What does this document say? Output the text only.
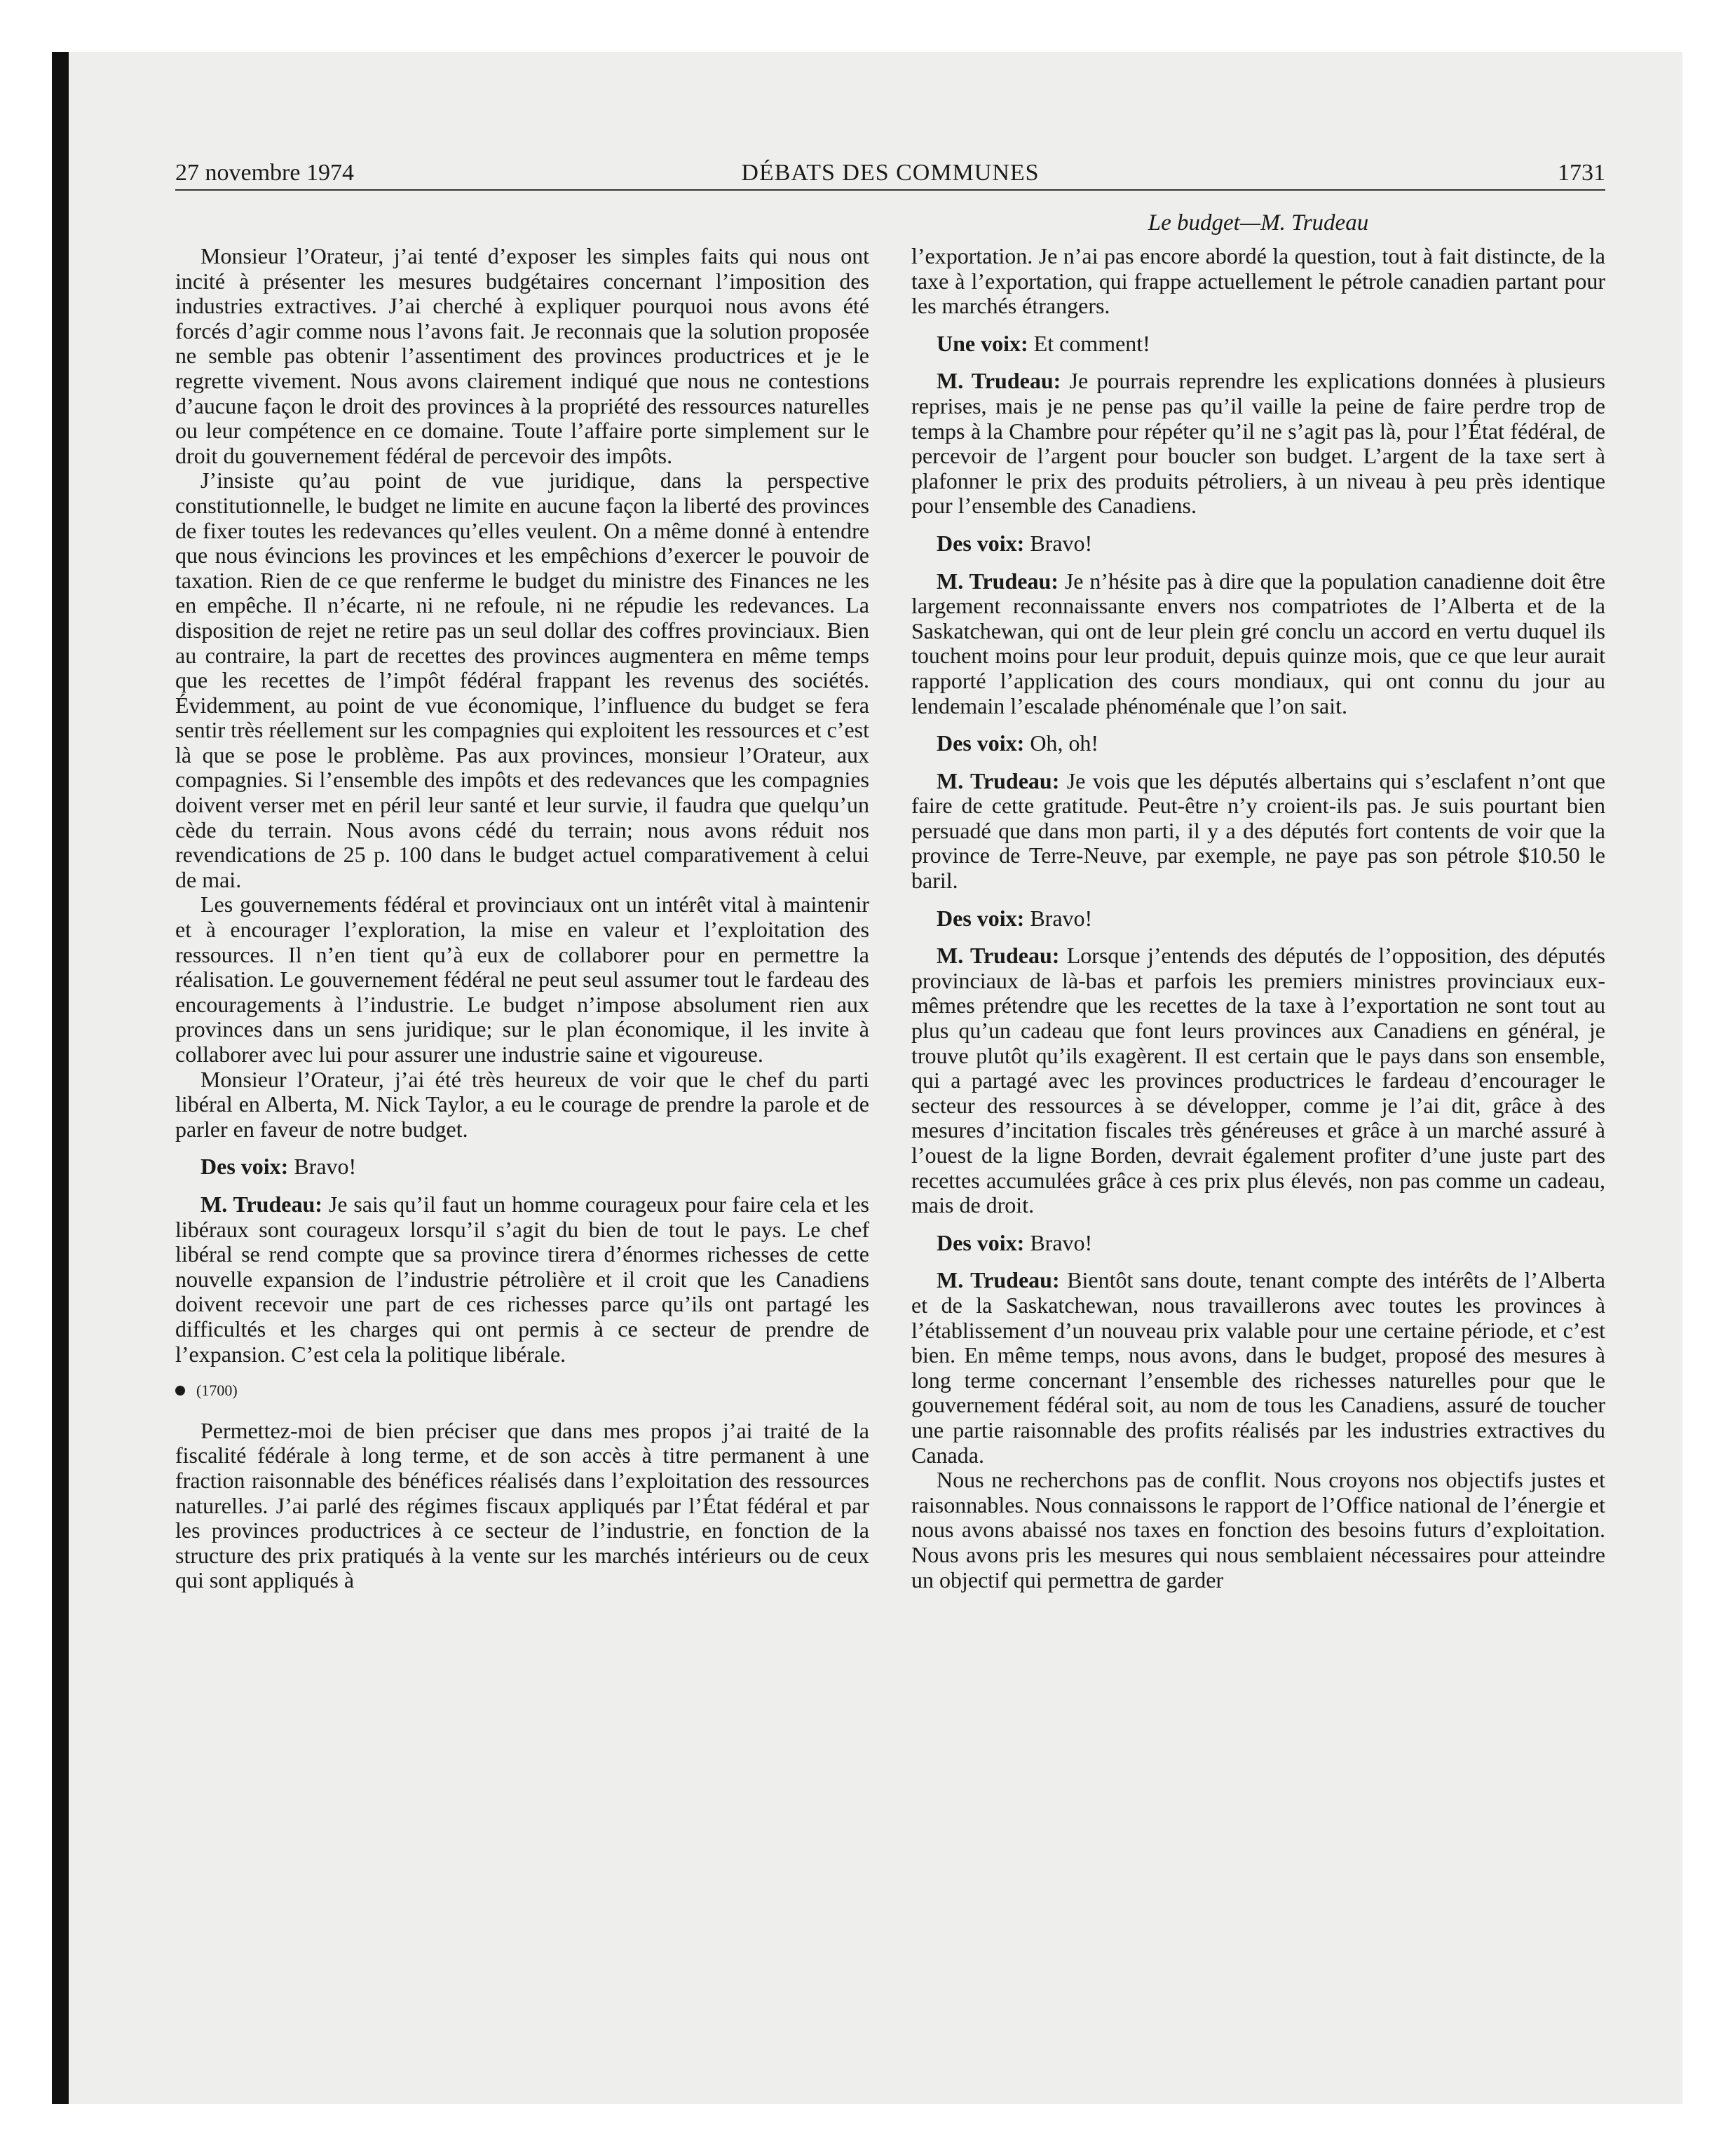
27 novembre 1974	DÉBATS DES COMMUNES	1731
Le budget—M. Trudeau

Monsieur l’Orateur, j’ai tenté d’exposer les simples faits qui nous ont incité à présenter les mesures budgétaires concernant l’imposition des industries extractives. J’ai cherché à expliquer pourquoi nous avons été forcés d’agir comme nous l’avons fait. Je reconnais que la solution proposée ne semble pas obtenir l’assentiment des provinces productrices et je le regrette vivement. Nous avons clairement indiqué que nous ne contestions d’aucune façon le droit des provinces à la propriété des ressources naturelles ou leur compétence en ce domaine. Toute l’affaire porte simplement sur le droit du gouvernement fédéral de percevoir des impôts.

J’insiste qu’au point de vue juridique, dans la perspective constitutionnelle, le budget ne limite en aucune façon la liberté des provinces de fixer toutes les redevances qu’elles veulent. On a même donné à entendre que nous évincions les provinces et les empêchions d’exercer le pouvoir de taxation. Rien de ce que renferme le budget du ministre des Finances ne les en empêche. Il n’écarte, ni ne refoule, ni ne répudie les redevances. La disposition de rejet ne retire pas un seul dollar des coffres provinciaux. Bien au contraire, la part de recettes des provinces augmentera en même temps que les recettes de l’impôt fédéral frappant les revenus des sociétés. Évidemment, au point de vue économique, l’influence du budget se fera sentir très réellement sur les compagnies qui exploitent les ressources et c’est là que se pose le problème. Pas aux provinces, monsieur l’Orateur, aux compagnies. Si l’ensemble des impôts et des redevances que les compagnies doivent verser met en péril leur santé et leur survie, il faudra que quelqu’un cède du terrain. Nous avons cédé du terrain; nous avons réduit nos revendications de 25 p. 100 dans le budget actuel comparativement à celui de mai.

Les gouvernements fédéral et provinciaux ont un intérêt vital à maintenir et à encourager l’exploration, la mise en valeur et l’exploitation des ressources. Il n’en tient qu’à eux de collaborer pour en permettre la réalisation. Le gouvernement fédéral ne peut seul assumer tout le fardeau des encouragements à l’industrie. Le budget n’impose absolument rien aux provinces dans un sens juridique; sur le plan économique, il les invite à collaborer avec lui pour assurer une industrie saine et vigoureuse.

Monsieur l’Orateur, j’ai été très heureux de voir que le chef du parti libéral en Alberta, M. Nick Taylor, a eu le courage de prendre la parole et de parler en faveur de notre budget.

Des voix: Bravo!

M. Trudeau: Je sais qu’il faut un homme courageux pour faire cela et les libéraux sont courageux lorsqu’il s’agit du bien de tout le pays. Le chef libéral se rend compte que sa province tirera d’énormes richesses de cette nouvelle expansion de l’industrie pétrolière et il croit que les Canadiens doivent recevoir une part de ces richesses parce qu’ils ont partagé les difficultés et les charges qui ont permis à ce secteur de prendre de l’expansion. C’est cela la politique libérale.

(1700)

Permettez-moi de bien préciser que dans mes propos j’ai traité de la fiscalité fédérale à long terme, et de son accès à titre permanent à une fraction raisonnable des bénéfices réalisés dans l’exploitation des ressources naturelles. J’ai parlé des régimes fiscaux appliqués par l’État fédéral et par les provinces productrices à ce secteur de l’industrie, en fonction de la structure des prix pratiqués à la vente sur les marchés intérieurs ou de ceux qui sont appliqués à

l’exportation. Je n’ai pas encore abordé la question, tout à fait distincte, de la taxe à l’exportation, qui frappe actuellement le pétrole canadien partant pour les marchés étrangers.

Une voix: Et comment!

M. Trudeau: Je pourrais reprendre les explications données à plusieurs reprises, mais je ne pense pas qu’il vaille la peine de faire perdre trop de temps à la Chambre pour répéter qu’il ne s’agit pas là, pour l’État fédéral, de percevoir de l’argent pour boucler son budget. L’argent de la taxe sert à plafonner le prix des produits pétroliers, à un niveau à peu près identique pour l’ensemble des Canadiens.

Des voix: Bravo!

M. Trudeau: Je n’hésite pas à dire que la population canadienne doit être largement reconnaissante envers nos compatriotes de l’Alberta et de la Saskatchewan, qui ont de leur plein gré conclu un accord en vertu duquel ils touchent moins pour leur produit, depuis quinze mois, que ce que leur aurait rapporté l’application des cours mondiaux, qui ont connu du jour au lendemain l’escalade phénoménale que l’on sait.

Des voix: Oh, oh!

M. Trudeau: Je vois que les députés albertains qui s’esclafent n’ont que faire de cette gratitude. Peut-être n’y croient-ils pas. Je suis pourtant bien persuadé que dans mon parti, il y a des députés fort contents de voir que la province de Terre-Neuve, par exemple, ne paye pas son pétrole $10.50 le baril.

Des voix: Bravo!

M. Trudeau: Lorsque j’entends des députés de l’opposition, des députés provinciaux de là-bas et parfois les premiers ministres provinciaux eux-mêmes prétendre que les recettes de la taxe à l’exportation ne sont tout au plus qu’un cadeau que font leurs provinces aux Canadiens en général, je trouve plutôt qu’ils exagèrent. Il est certain que le pays dans son ensemble, qui a partagé avec les provinces productrices le fardeau d’encourager le secteur des ressources à se développer, comme je l’ai dit, grâce à des mesures d’incitation fiscales très généreuses et grâce à un marché assuré à l’ouest de la ligne Borden, devrait également profiter d’une juste part des recettes accumulées grâce à ces prix plus élevés, non pas comme un cadeau, mais de droit.

Des voix: Bravo!

M. Trudeau: Bientôt sans doute, tenant compte des intérêts de l’Alberta et de la Saskatchewan, nous travaillerons avec toutes les provinces à l’établissement d’un nouveau prix valable pour une certaine période, et c’est bien. En même temps, nous avons, dans le budget, proposé des mesures à long terme concernant l’ensemble des richesses naturelles pour que le gouvernement fédéral soit, au nom de tous les Canadiens, assuré de toucher une partie raisonnable des profits réalisés par les industries extractives du Canada.

Nous ne recherchons pas de conflit. Nous croyons nos objectifs justes et raisonnables. Nous connaissons le rapport de l’Office national de l’énergie et nous avons abaissé nos taxes en fonction des besoins futurs d’exploitation. Nous avons pris les mesures qui nous semblaient nécessaires pour atteindre un objectif qui permettra de garder
